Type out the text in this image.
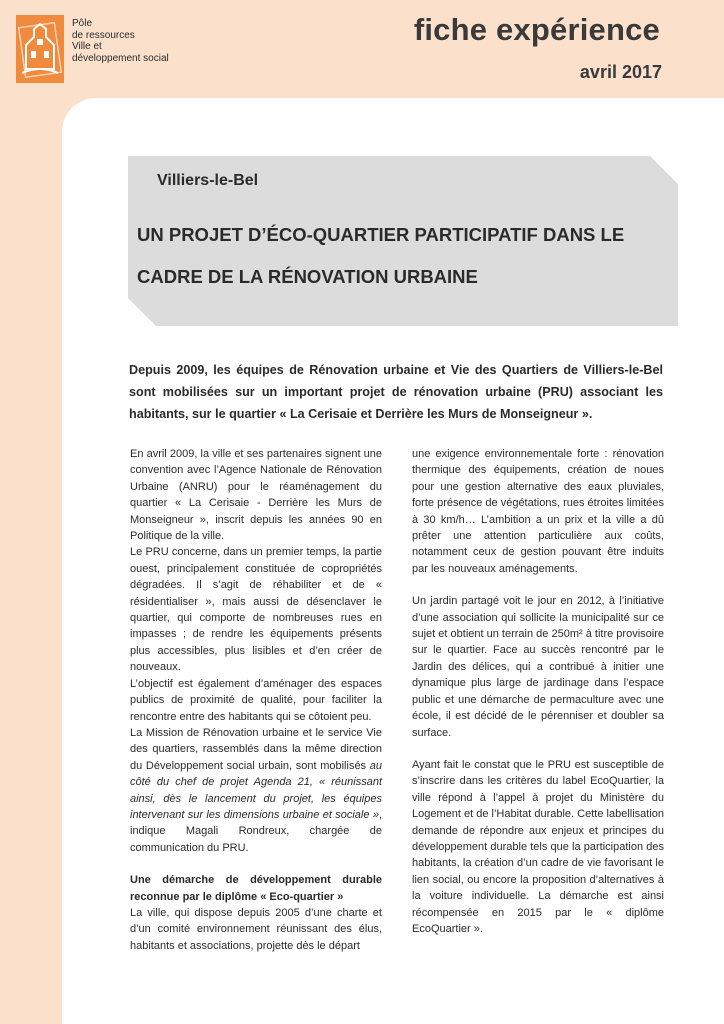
Pôle
de ressources
Ville et
développement social
fiche expérience
avril 2017
Villiers-le-Bel
UN PROJET D’ÉCO-QUARTIER PARTICIPATIF DANS LE
CADRE DE LA RÉNOVATION URBAINE
Depuis 2009, les équipes de Rénovation urbaine et Vie des Quartiers de Villiers-le-Bel sont mobilisées sur un important projet de rénovation urbaine (PRU) associant les habitants, sur le quartier « La Cerisaie et Derrière les Murs de Monseigneur ».

En avril 2009, la ville et ses partenaires signent une convention avec l’Agence Nationale de Rénovation Urbaine (ANRU) pour le réaménagement du quartier « La Cerisaie - Derrière les Murs de Monseigneur », inscrit depuis les années 90 en Politique de la ville.

Le PRU concerne, dans un premier temps, la partie ouest, principalement constituée de copropriétés dégradées. Il s’agit de réhabiliter et de « résidentialiser », mais aussi de désenclaver le quartier, qui comporte de nombreuses rues en impasses ; de rendre les équipements présents plus accessibles, plus lisibles et d’en créer de nouveaux.

L’objectif est également d’aménager des espaces publics de proximité de qualité, pour faciliter la rencontre entre des habitants qui se côtoient peu.

La Mission de Rénovation urbaine et le service Vie des quartiers, rassemblés dans la même direction du Développement social urbain, sont mobilisés au côté du chef de projet Agenda 21, « réunissant ainsi, dès le lancement du projet, les équipes intervenant sur les dimensions urbaine et sociale », indique Magali Rondreux, chargée de communication du PRU.

Une démarche de développement durable reconnue par le diplôme « Eco-quartier »

La ville, qui dispose depuis 2005 d’une charte et d’un comité environnement réunissant des élus, habitants et associations, projette dès le départ

une exigence environnementale forte : rénovation thermique des équipements, création de noues pour une gestion alternative des eaux pluviales, forte présence de végétations, rues étroites limitées à 30 km/h… L’ambition a un prix et la ville a dû prêter une attention particulière aux coûts, notamment ceux de gestion pouvant être induits par les nouveaux aménagements.

Un jardin partagé voit le jour en 2012, à l’initiative d’une association qui sollicite la municipalité sur ce sujet et obtient un terrain de 250m² à titre provisoire sur le quartier. Face au succès rencontré par le Jardin des délices, qui a contribué à initier une dynamique plus large de jardinage dans l’espace public et une démarche de permaculture avec une école, il est décidé de le pérenniser et doubler sa surface.

Ayant fait le constat que le PRU est susceptible de s’inscrire dans les critères du label EcoQuartier, la ville répond à l’appel à projet du Ministère du Logement et de l’Habitat durable. Cette labellisation demande de répondre aux enjeux et principes du développement durable tels que la participation des habitants, la création d’un cadre de vie favorisant le lien social, ou encore la proposition d’alternatives à la voiture individuelle. La démarche est ainsi récompensée en 2015 par le « diplôme EcoQuartier ».
